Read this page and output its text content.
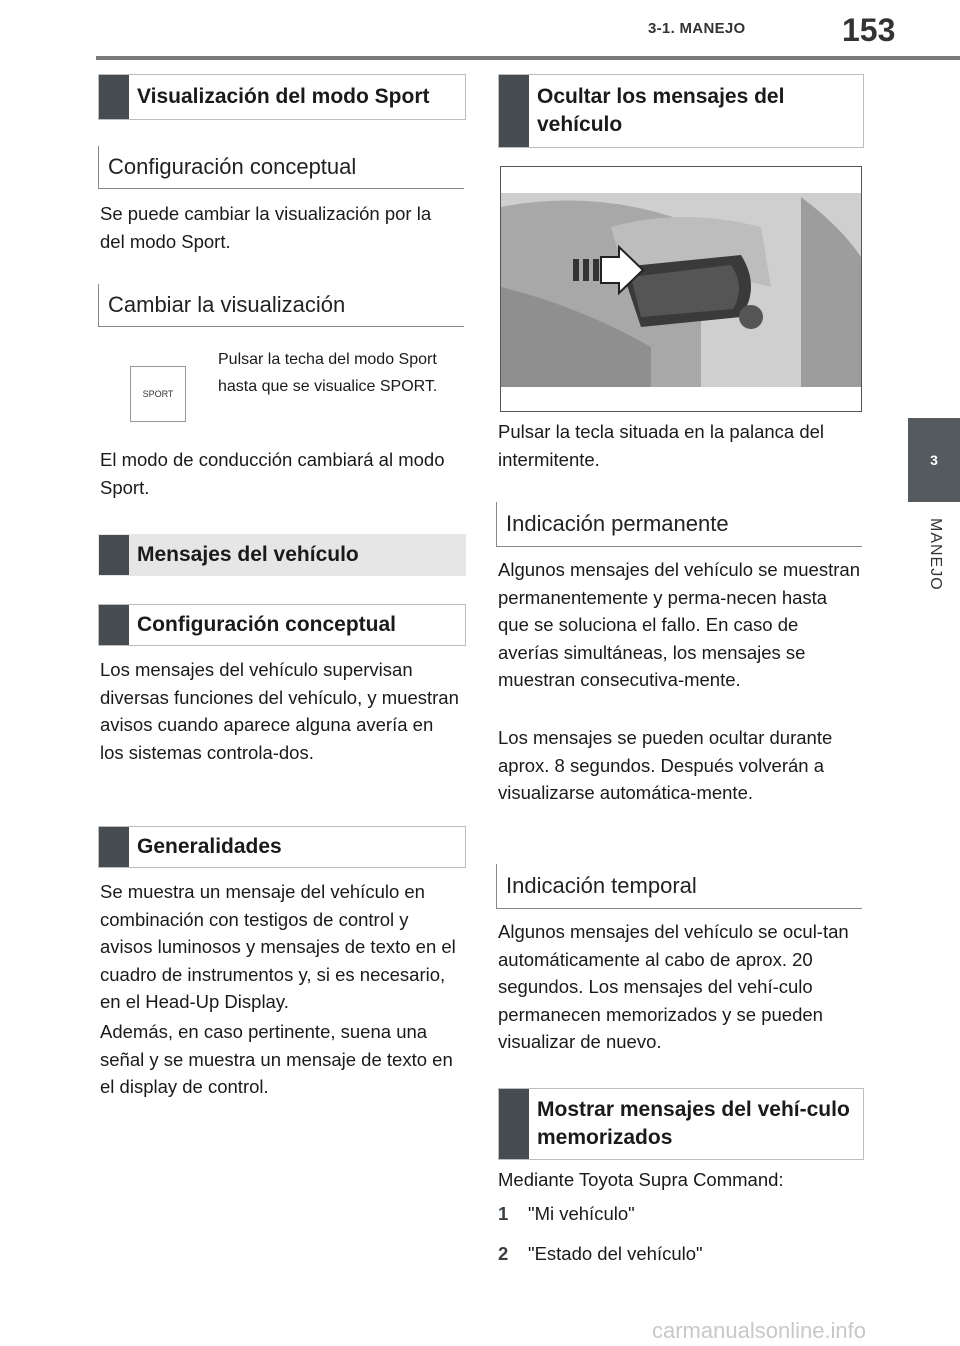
3-1. MANEJO	153
3
MANEJO
Visualización del modo Sport
Configuración conceptual

Se puede cambiar la visualización por la del modo Sport.

Cambiar la visualización
SPORT

Pulsar la techa del modo Sport hasta que se visualice SPORT.

El modo de conducción cambiará al modo Sport.

Mensajes del vehículo
Configuración conceptual

Los mensajes del vehículo supervisan diversas funciones del vehículo, y muestran avisos cuando aparece alguna avería en los sistemas controla-dos.

Generalidades

Se muestra un mensaje del vehículo en combinación con testigos de control y avisos luminosos y mensajes de texto en el cuadro de instrumentos y, si es necesario, en el Head-Up Display.

Además, en caso pertinente, suena una señal y se muestra un mensaje de texto en el display de control.

Ocultar los mensajes del vehículo

Pulsar la tecla situada en la palanca del intermitente.

Indicación permanente

Algunos mensajes del vehículo se muestran permanentemente y perma-necen hasta que se soluciona el fallo. En caso de averías simultáneas, los mensajes se muestran consecutiva-mente.

Los mensajes se pueden ocultar durante aprox. 8 segundos. Después volverán a visualizarse automática-mente.

Indicación temporal

Algunos mensajes del vehículo se ocul-tan automáticamente al cabo de aprox. 20 segundos. Los mensajes del vehí-culo permanecen memorizados y se pueden visualizar de nuevo.

Mostrar mensajes del vehí-culo memorizados

Mediante Toyota Supra Command:

1 "Mi vehículo"
2 "Estado del vehículo"
carmanualsonline.info
